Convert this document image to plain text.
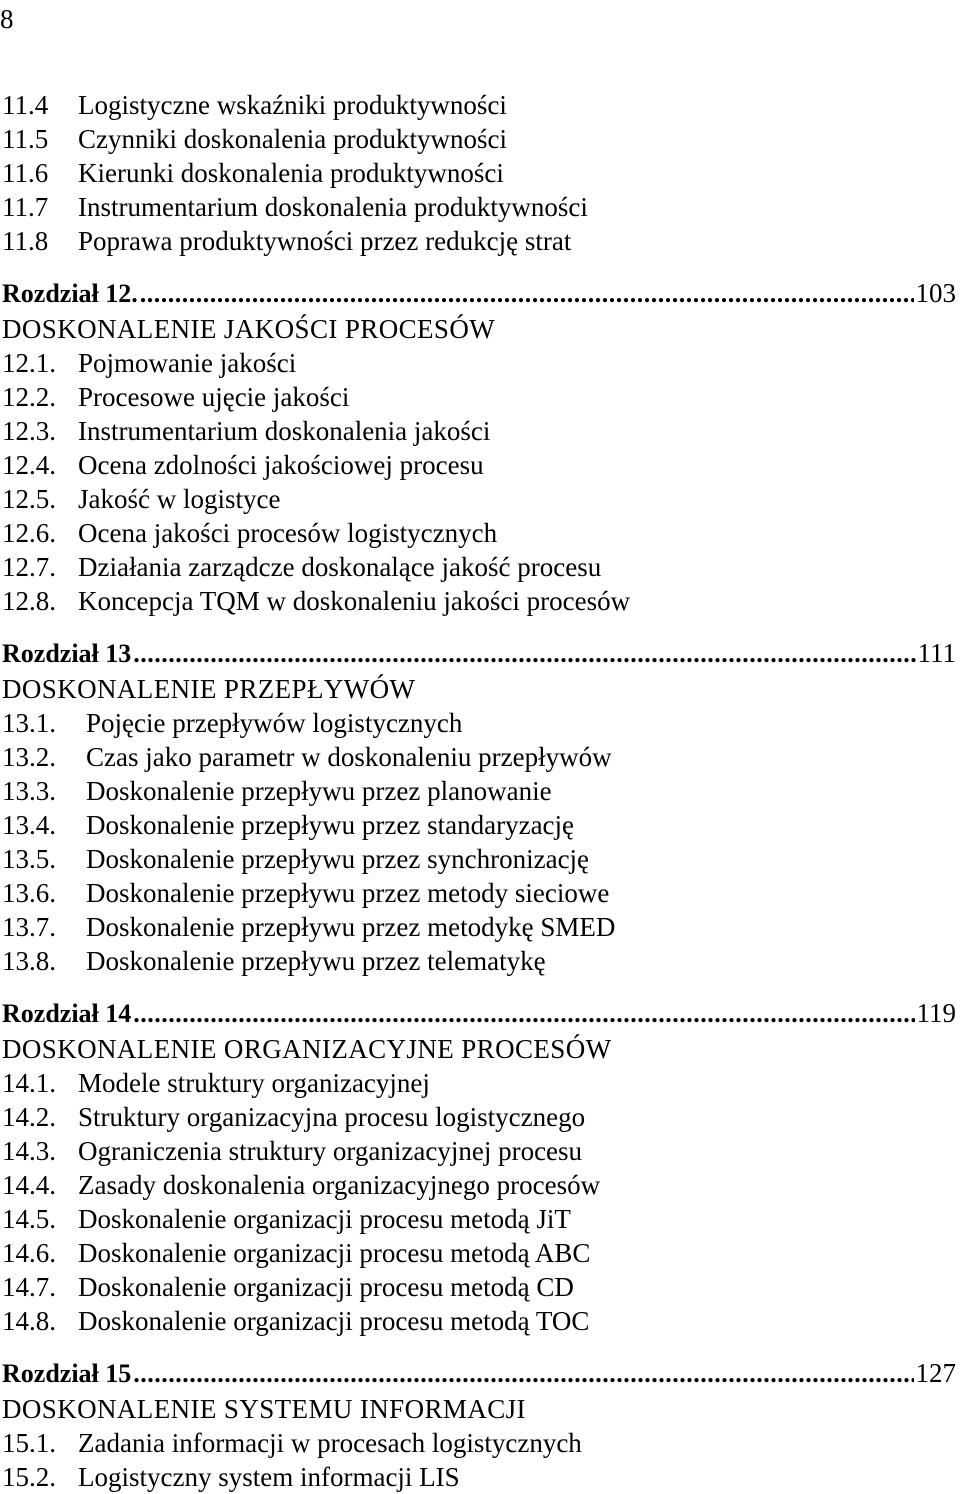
8
11.4	Logistyczne wskaźniki produktywności
11.5	Czynniki doskonalenia produktywności
11.6	Kierunki doskonalenia produktywności
11.7	Instrumentarium doskonalenia produktywności
11.8	Poprawa produktywności przez redukcję strat
Rozdział 12. .....	103
DOSKONALENIE JAKOŚCI PROCESÓW
12.1. Pojmowanie jakości
12.2. Procesowe ujęcie jakości
12.3. Instrumentarium doskonalenia jakości
12.4. Ocena zdolności jakościowej procesu
12.5. Jakość w logistyce
12.6. Ocena jakości procesów logistycznych
12.7. Działania zarządcze doskonalące jakość procesu
12.8. Koncepcja TQM w doskonaleniu jakości procesów
Rozdział 13 .....	111
DOSKONALENIE PRZEPŁYWÓW
13.1.	Pojęcie przepływów logistycznych
13.2.	Czas jako parametr w doskonaleniu przepływów
13.3.	Doskonalenie przepływu przez planowanie
13.4.	Doskonalenie przepływu przez standaryzację
13.5.	Doskonalenie przepływu przez synchronizację
13.6.	Doskonalenie przepływu przez metody sieciowe
13.7.	Doskonalenie przepływu przez metodykę SMED
13.8.	Doskonalenie przepływu przez telematykę
Rozdział 14 .....	119
DOSKONALENIE ORGANIZACYJNE PROCESÓW
14.1. Modele struktury organizacyjnej
14.2. Struktury organizacyjna procesu logistycznego
14.3. Ograniczenia struktury organizacyjnej procesu
14.4. Zasady doskonalenia organizacyjnego procesów
14.5. Doskonalenie organizacji procesu metodą JiT
14.6. Doskonalenie organizacji procesu metodą ABC
14.7. Doskonalenie organizacji procesu metodą CD
14.8. Doskonalenie organizacji procesu metodą TOC
Rozdział 15 .....	127
DOSKONALENIE SYSTEMU INFORMACJI
15.1. Zadania informacji w procesach logistycznych
15.2. Logistyczny system informacji LIS
